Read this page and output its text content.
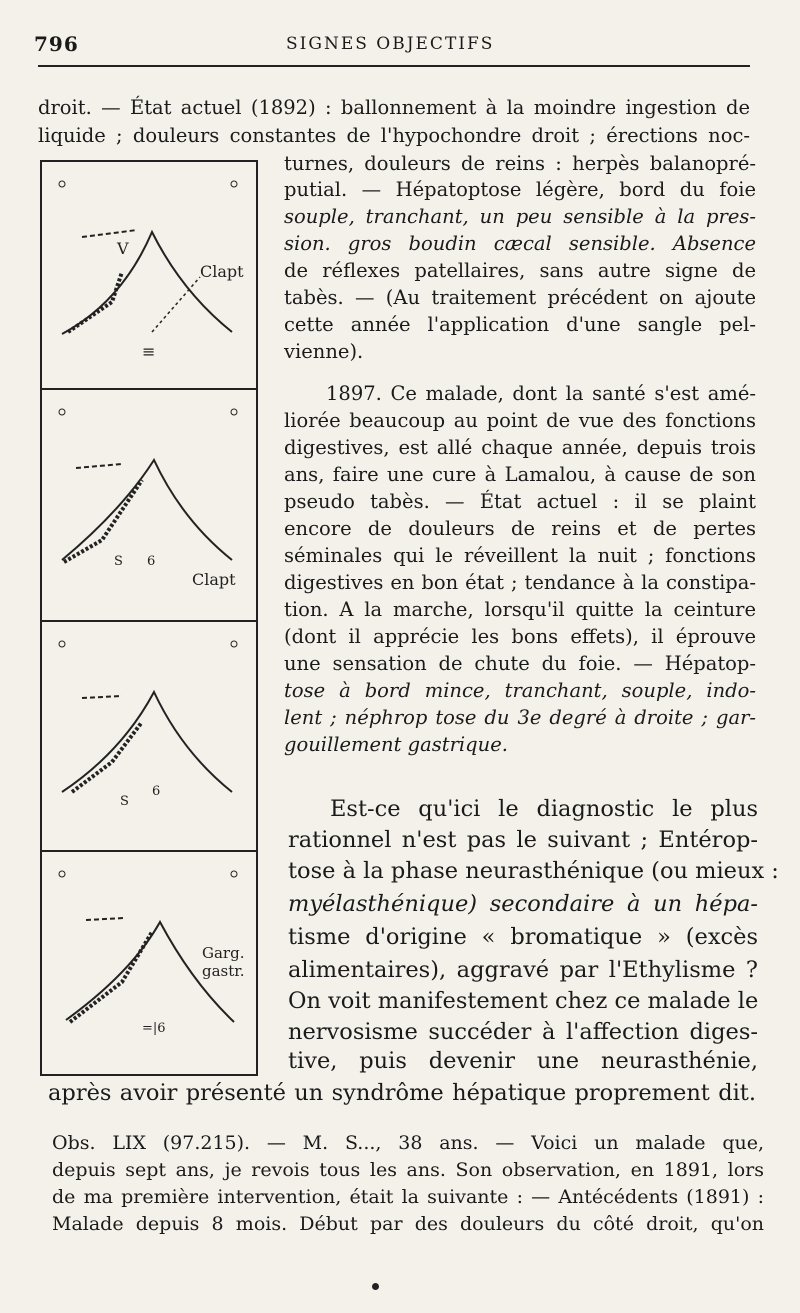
796	SIGNES OBJECTIFS
droit. — État actuel (1892) : ballonnement à la moindre ingestion de
liquide ; douleurs constantes de l'hypochondre droit ; érections noc-
turnes, douleurs de reins : herpès balanopré-
putial. — Hépatoptose légère, bord du foie
souple, tranchant, un peu sensible à la pres-
sion. gros boudin cæcal sensible. Absence
de réflexes patellaires, sans autre signe de
tabès. — (Au traitement précédent on ajoute
cette année l'application d'une sangle pel-
vienne).
1897. Ce malade, dont la santé s'est amé-
liorée beaucoup au point de vue des fonctions
digestives, est allé chaque année, depuis trois
ans, faire une cure à Lamalou, à cause de son
pseudo tabès. — État actuel : il se plaint
encore de douleurs de reins et de pertes
séminales qui le réveillent la nuit ; fonctions
digestives en bon état ; tendance à la constipa-
tion. A la marche, lorsqu'il quitte la ceinture
(dont il apprécie les bons effets), il éprouve
une sensation de chute du foie. — Hépatop-
tose à bord mince, tranchant, souple, indo-
lent ; néphrop tose du 3e degré à droite ; gar-
gouillement gastrique.
Est-ce qu'ici le diagnostic le plus
rationnel n'est pas le suivant ; Entérop-
tose à la phase neurasthénique (ou mieux :
myélasthénique) secondaire à un hépa-
tisme d'origine « bromatique » (excès
alimentaires), aggravé par l'Ethylisme ?
On voit manifestement chez ce malade le
nervosisme succéder à l'affection diges-
tive, puis devenir une neurasthénie,
après avoir présenté un syndrôme hépatique proprement dit.
Obs. LIX (97.215). — M. S..., 38 ans. — Voici un malade que,
depuis sept ans, je revois tous les ans. Son observation, en 1891, lors
de ma première intervention, était la suivante : — Antécédents (1891) :
Malade depuis 8 mois. Début par des douleurs du côté droit, qu'on
V
Clapt
≡
S 6
Clapt
S
6
Garg.
gastr.
=|6
